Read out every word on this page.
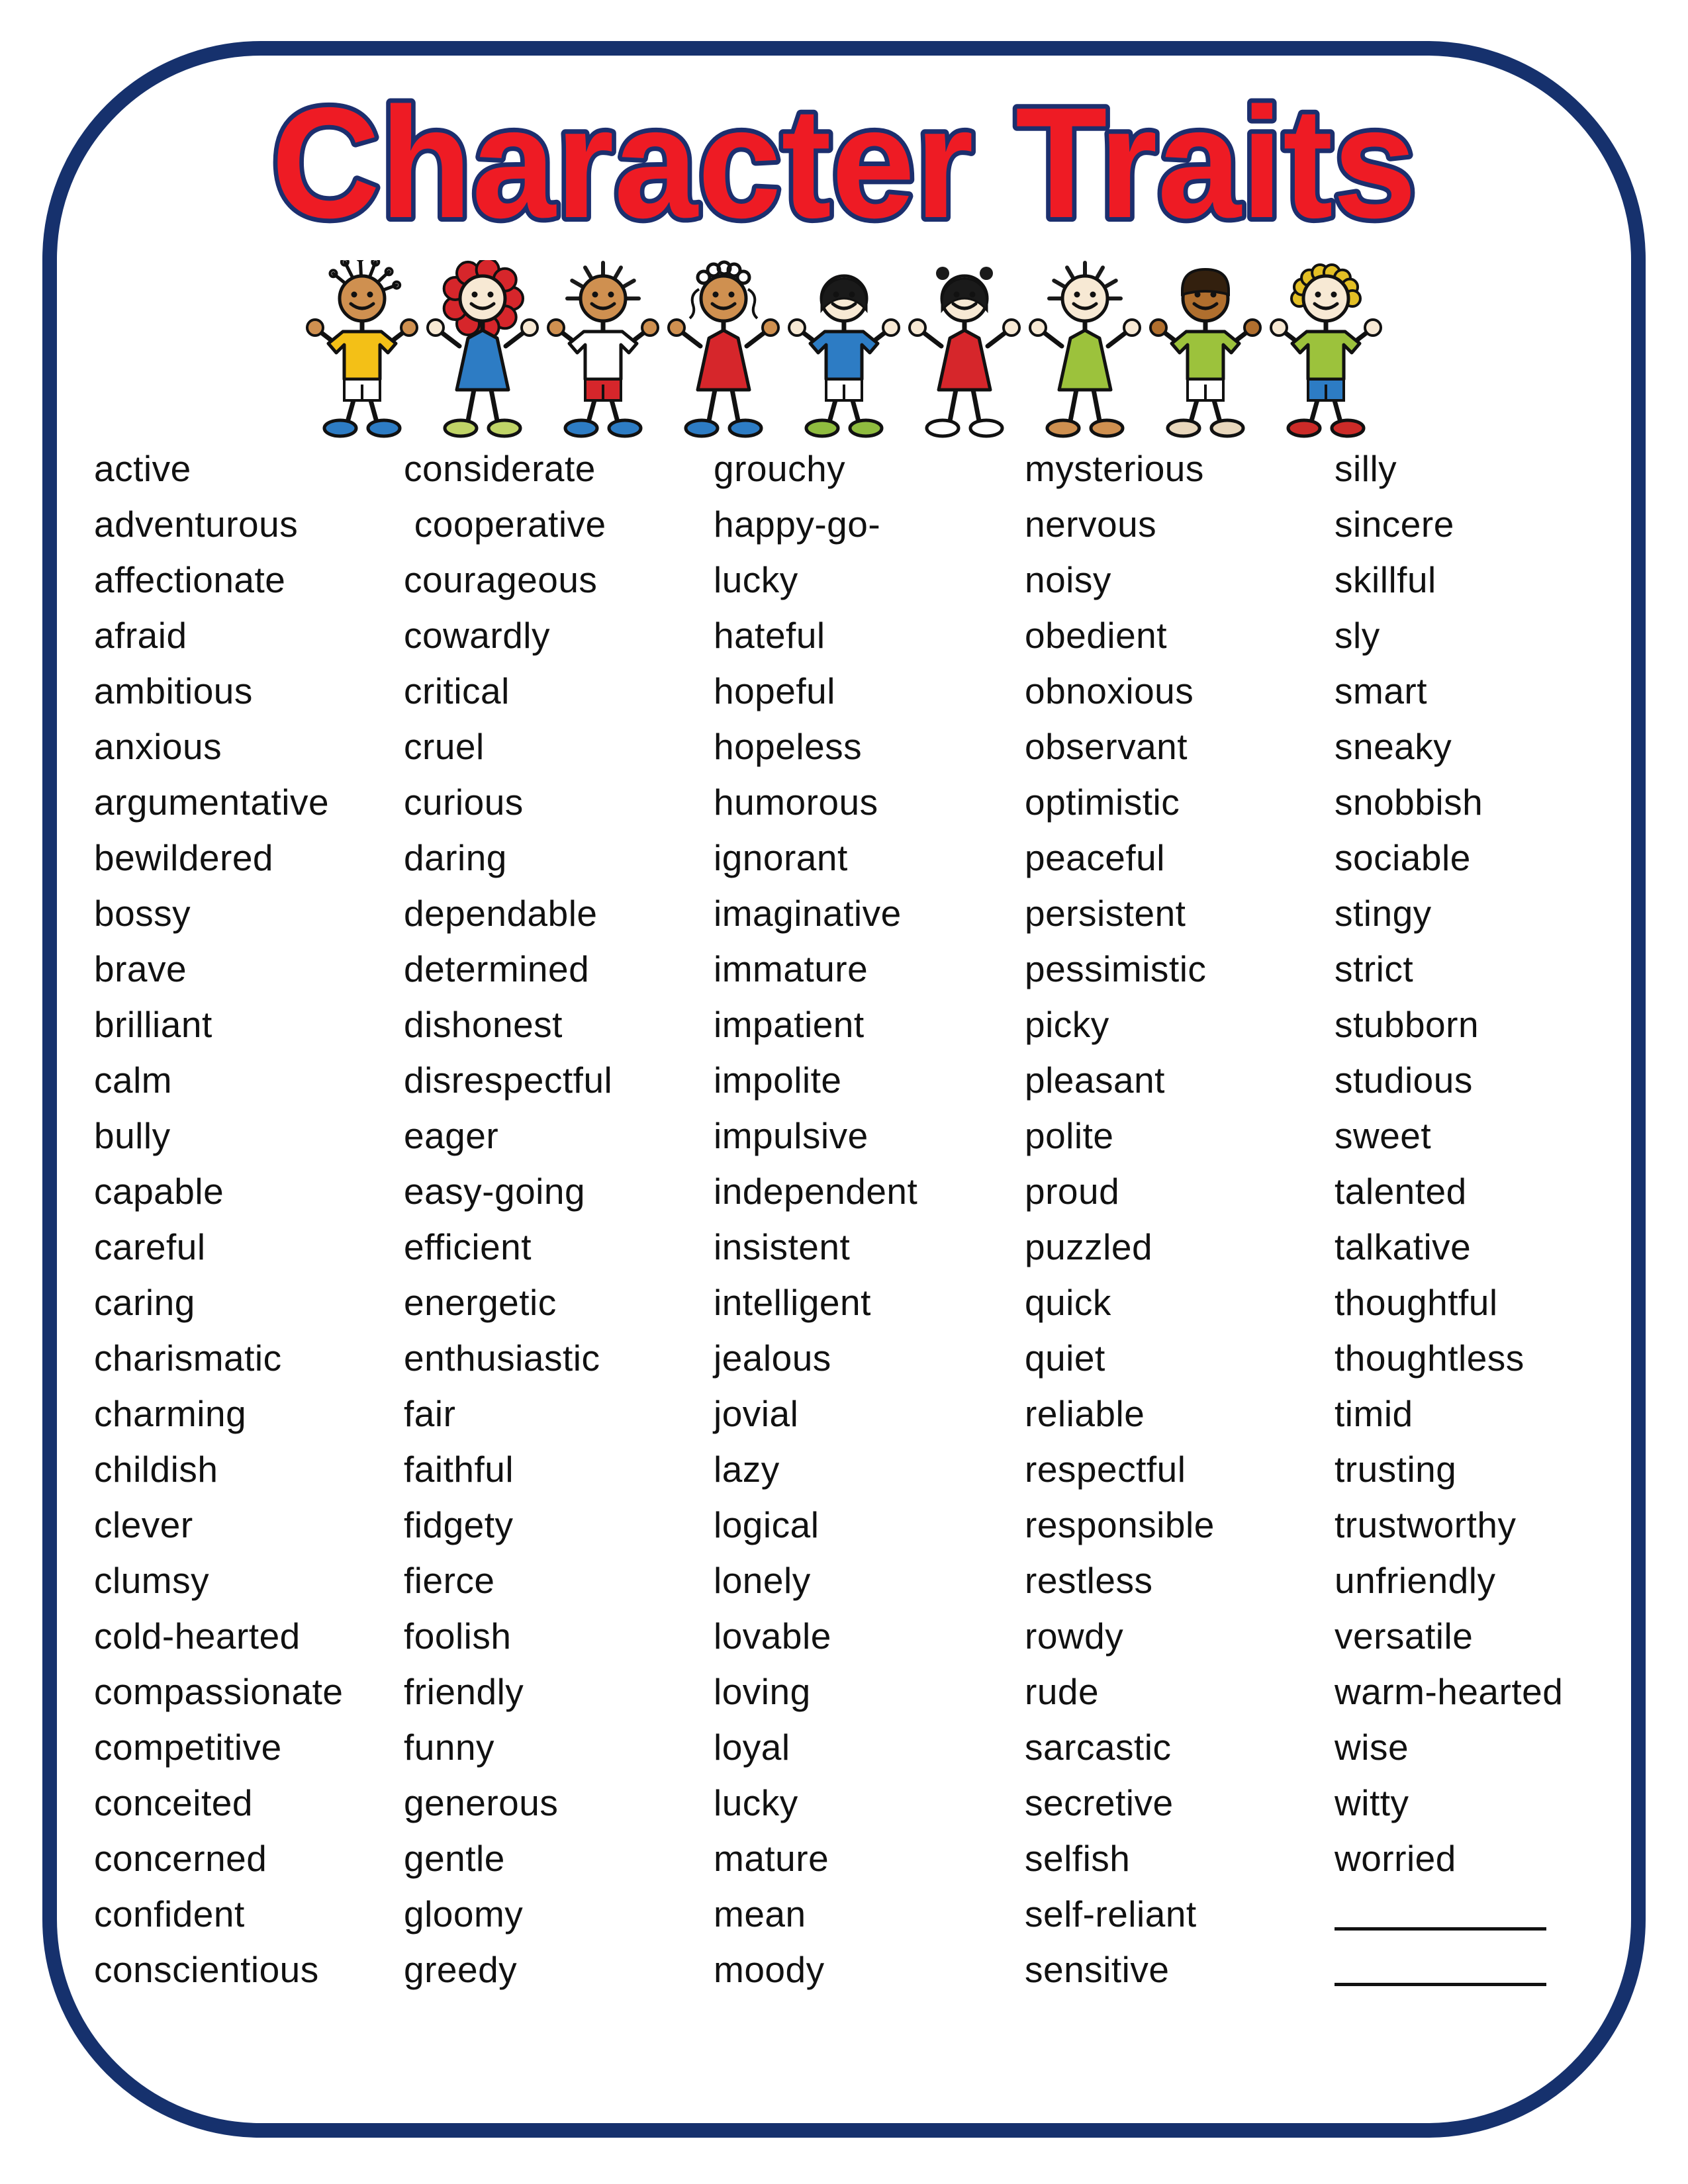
Character Traits
active
adventurous
affectionate
afraid
ambitious
anxious
argumentative
bewildered
bossy
brave
brilliant
calm
bully
capable
careful
caring
charismatic
charming
childish
clever
clumsy
cold-hearted
compassionate
competitive
conceited
concerned
confident
conscientious
considerate
cooperative
courageous
cowardly
critical
cruel
curious
daring
dependable
determined
dishonest
disrespectful
eager
easy-going
efficient
energetic
enthusiastic
fair
faithful
fidgety
fierce
foolish
friendly
funny
generous
gentle
gloomy
greedy
grouchy
happy-go-
lucky
hateful
hopeful
hopeless
humorous
ignorant
imaginative
immature
impatient
impolite
impulsive
independent
insistent
intelligent
jealous
jovial
lazy
logical
lonely
lovable
loving
loyal
lucky
mature
mean
moody
mysterious
nervous
noisy
obedient
obnoxious
observant
optimistic
peaceful
persistent
pessimistic
picky
pleasant
polite
proud
puzzled
quick
quiet
reliable
respectful
responsible
restless
rowdy
rude
sarcastic
secretive
selfish
self-reliant
sensitive
silly
sincere
skillful
sly
smart
sneaky
snobbish
sociable
stingy
strict
stubborn
studious
sweet
talented
talkative
thoughtful
thoughtless
timid
trusting
trustworthy
unfriendly
versatile
warm-hearted
wise
witty
worried
